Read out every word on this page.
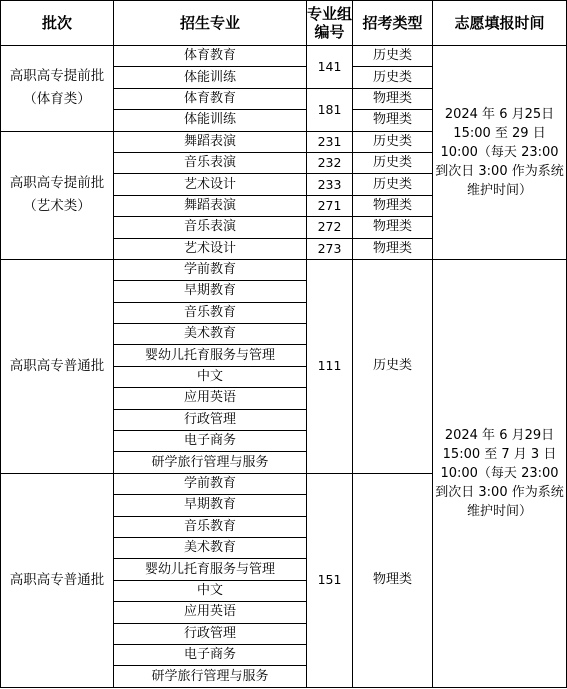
批次	招生专业	专业组编号	招考类型	志愿填报时间
高职高专提前批（体育类）	体育教育	141	历史类	2024 年 6 月25日 15:00 至 29 日 10:00（每天 23:00 到次日 3:00 作为系统维护时间）
	体能训练		历史类	
	体育教育	181	物理类	
	体能训练		物理类	
高职高专提前批（艺术类）	舞蹈表演	231	历史类	
	音乐表演	232	历史类	
	艺术设计	233	历史类	
	舞蹈表演	271	物理类	
	音乐表演	272	物理类	
	艺术设计	273	物理类	
高职高专普通批	学前教育	111	历史类	2024 年 6 月29日 15:00 至 7 月 3 日 10:00（每天 23:00 到次日 3:00 作为系统维护时间）
	早期教育			
	音乐教育			
	美术教育			
	婴幼儿托育服务与管理			
	中文			
	应用英语			
	行政管理			
	电子商务			
	研学旅行管理与服务			
高职高专普通批	学前教育	151	物理类	
	早期教育			
	音乐教育			
	美术教育			
	婴幼儿托育服务与管理			
	中文			
	应用英语			
	行政管理			
	电子商务			
	研学旅行管理与服务			
